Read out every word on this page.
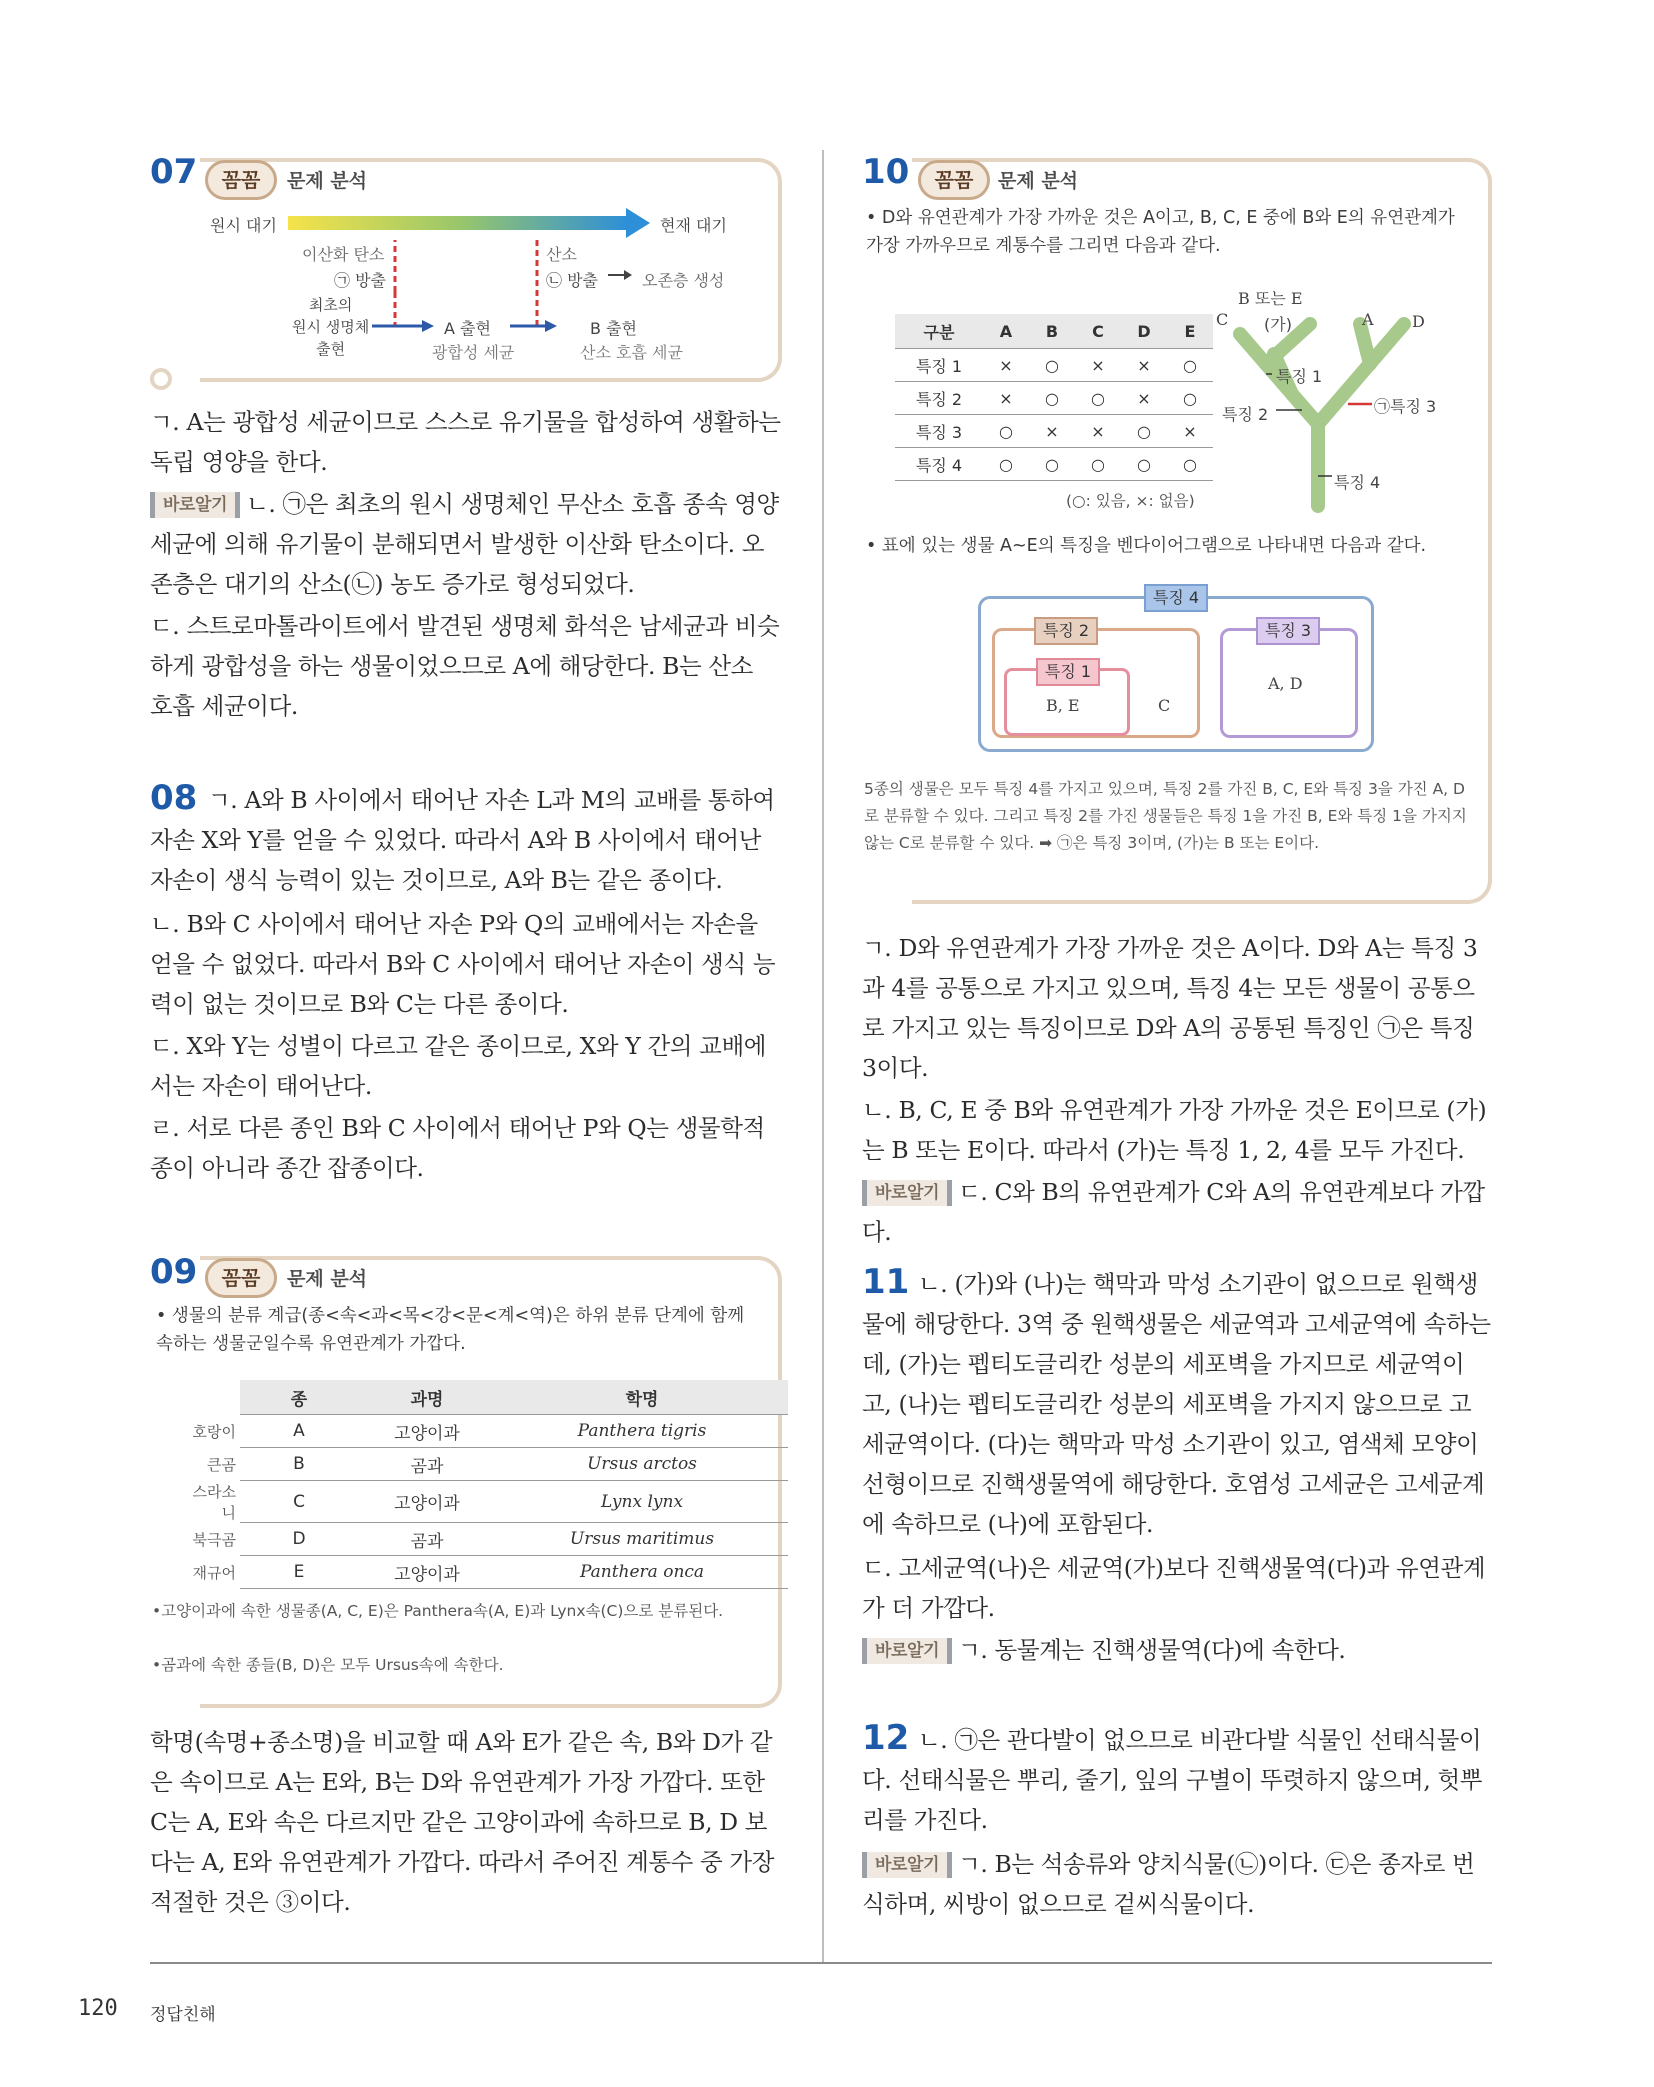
07	꼼꼼	문제 분석
원시 대기	현재 대기
이산화 탄소
㉠ 방출
산소
㉡ 방출	오존층 생성
최초의
원시 생명체
출현
A 출현
광합성 세균
B 출현
산소 호흡 세균

ㄱ. A는 광합성 세균이므로 스스로 유기물을 합성하여 생활하는 독립 영양을 한다.

바로알기 ㄴ. ㉠은 최초의 원시 생명체인 무산소 호흡 종속 영양 세균에 의해 유기물이 분해되면서 발생한 이산화 탄소이다. 오존층은 대기의 산소(㉡) 농도 증가로 형성되었다.

ㄷ. 스트로마톨라이트에서 발견된 생명체 화석은 남세균과 비슷하게 광합성을 하는 생물이었으므로 A에 해당한다. B는 산소 호흡 세균이다.

08 ㄱ. A와 B 사이에서 태어난 자손 L과 M의 교배를 통하여 자손 X와 Y를 얻을 수 있었다. 따라서 A와 B 사이에서 태어난 자손이 생식 능력이 있는 것이므로, A와 B는 같은 종이다.

ㄴ. B와 C 사이에서 태어난 자손 P와 Q의 교배에서는 자손을 얻을 수 없었다. 따라서 B와 C 사이에서 태어난 자손이 생식 능력이 없는 것이므로 B와 C는 다른 종이다.

ㄷ. X와 Y는 성별이 다르고 같은 종이므로, X와 Y 간의 교배에서는 자손이 태어난다.

ㄹ. 서로 다른 종인 B와 C 사이에서 태어난 P와 Q는 생물학적 종이 아니라 종간 잡종이다.

09	꼼꼼	문제 분석
• 생물의 분류 계급(종<속<과<목<강<문<계<역)은 하위 분류 단계에 함께 속하는 생물군일수록 유연관계가 가깝다.
	종	과명	학명
호랑이	A	고양이과	Panthera tigris
큰곰	B	곰과	Ursus arctos
스라소니	C	고양이과	Lynx lynx
북극곰	D	곰과	Ursus maritimus
재규어	E	고양이과	Panthera onca
•고양이과에 속한 생물종(A, C, E)은 Panthera속(A, E)과 Lynx속(C)으로 분류된다.
•곰과에 속한 종들(B, D)은 모두 Ursus속에 속한다.

학명(속명+종소명)을 비교할 때 A와 E가 같은 속, B와 D가 같은 속이므로 A는 E와, B는 D와 유연관계가 가장 가깝다. 또한 C는 A, E와 속은 다르지만 같은 고양이과에 속하므로 B, D 보다는 A, E와 유연관계가 가깝다. 따라서 주어진 계통수 중 가장 적절한 것은 ③이다.

10	꼼꼼	문제 분석
• D와 유연관계가 가장 가까운 것은 A이고, B, C, E 중에 B와 E의 유연관계가 가장 가까우므로 계통수를 그리면 다음과 같다.
구분	A	B	C	D	E
특징 1	×	○	×	×	○
특징 2	×	○	○	×	○
특징 3	○	×	×	○	×
특징 4	○	○	○	○	○
(○: 있음, ×: 없음)
B 또는 E
C (가)	A D
특징 1
특징 2	㉠특징 3
특징 4
• 표에 있는 생물 A~E의 특징을 벤다이어그램으로 나타내면 다음과 같다.
특징 4
특징 2
특징 1
B, E	C
특징 3
A, D
5종의 생물은 모두 특징 4를 가지고 있으며, 특징 2를 가진 B, C, E와 특징 3을 가진 A, D로 분류할 수 있다. 그리고 특징 2를 가진 생물들은 특징 1을 가진 B, E와 특징 1을 가지지 않는 C로 분류할 수 있다. ➡ ㉠은 특징 3이며, (가)는 B 또는 E이다.

ㄱ. D와 유연관계가 가장 가까운 것은 A이다. D와 A는 특징 3과 4를 공통으로 가지고 있으며, 특징 4는 모든 생물이 공통으로 가지고 있는 특징이므로 D와 A의 공통된 특징인 ㉠은 특징 3이다.

ㄴ. B, C, E 중 B와 유연관계가 가장 가까운 것은 E이므로 (가)는 B 또는 E이다. 따라서 (가)는 특징 1, 2, 4를 모두 가진다.

바로알기 ㄷ. C와 B의 유연관계가 C와 A의 유연관계보다 가깝다.

11 ㄴ. (가)와 (나)는 핵막과 막성 소기관이 없으므로 원핵생물에 해당한다. 3역 중 원핵생물은 세균역과 고세균역에 속하는데, (가)는 펩티도글리칸 성분의 세포벽을 가지므로 세균역이고, (나)는 펩티도글리칸 성분의 세포벽을 가지지 않으므로 고세균역이다. (다)는 핵막과 막성 소기관이 있고, 염색체 모양이 선형이므로 진핵생물역에 해당한다. 호염성 고세균은 고세균계에 속하므로 (나)에 포함된다.

ㄷ. 고세균역(나)은 세균역(가)보다 진핵생물역(다)과 유연관계가 더 가깝다.

바로알기 ㄱ. 동물계는 진핵생물역(다)에 속한다.

12 ㄴ. ㉠은 관다발이 없으므로 비관다발 식물인 선태식물이다. 선태식물은 뿌리, 줄기, 잎의 구별이 뚜렷하지 않으며, 헛뿌리를 가진다.

바로알기 ㄱ. B는 석송류와 양치식물(㉡)이다. ㉢은 종자로 번식하며, 씨방이 없으므로 겉씨식물이다.

120 정답친해
